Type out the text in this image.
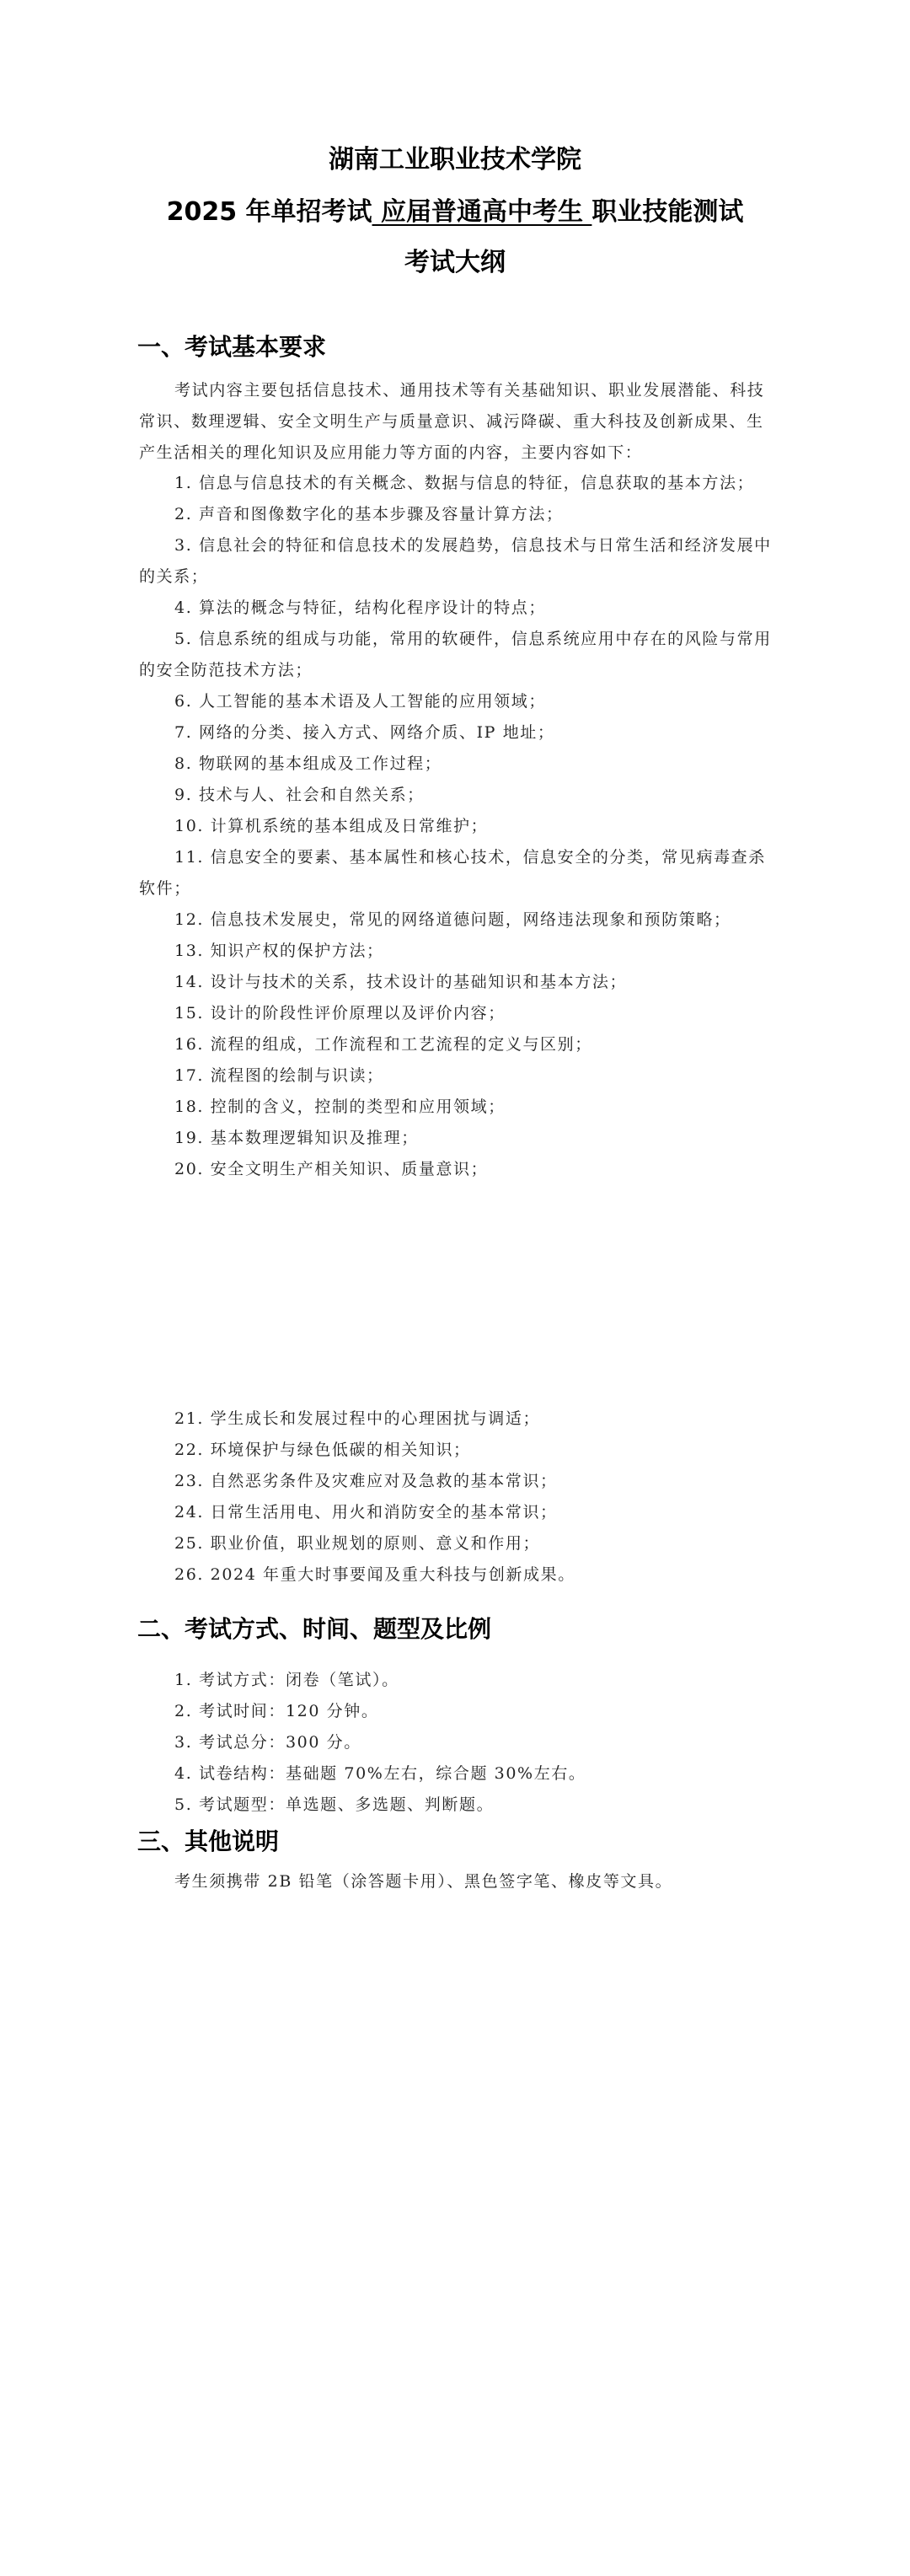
湖南工业职业技术学院
2025 年单招考试 应届普通高中考生 职业技能测试
考试大纲
一、考试基本要求

考试内容主要包括信息技术、通用技术等有关基础知识、职业发展潜能、科技常识、数理逻辑、安全文明生产与质量意识、减污降碳、重大科技及创新成果、生产生活相关的理化知识及应用能力等方面的内容，主要内容如下：

1. 信息与信息技术的有关概念、数据与信息的特征，信息获取的基本方法；

2. 声音和图像数字化的基本步骤及容量计算方法；

3. 信息社会的特征和信息技术的发展趋势，信息技术与日常生活和经济发展中的关系；

4. 算法的概念与特征，结构化程序设计的特点；

5. 信息系统的组成与功能，常用的软硬件，信息系统应用中存在的风险与常用的安全防范技术方法；

6. 人工智能的基本术语及人工智能的应用领域；

7. 网络的分类、接入方式、网络介质、IP 地址；

8. 物联网的基本组成及工作过程；

9. 技术与人、社会和自然关系；

10. 计算机系统的基本组成及日常维护；

11. 信息安全的要素、基本属性和核心技术，信息安全的分类，常见病毒查杀软件；

12. 信息技术发展史，常见的网络道德问题，网络违法现象和预防策略；

13. 知识产权的保护方法；

14. 设计与技术的关系，技术设计的基础知识和基本方法；

15. 设计的阶段性评价原理以及评价内容；

16. 流程的组成，工作流程和工艺流程的定义与区别；

17. 流程图的绘制与识读；

18. 控制的含义，控制的类型和应用领域；

19. 基本数理逻辑知识及推理；

20. 安全文明生产相关知识、质量意识；

21. 学生成长和发展过程中的心理困扰与调适；

22. 环境保护与绿色低碳的相关知识；

23. 自然恶劣条件及灾难应对及急救的基本常识；

24. 日常生活用电、用火和消防安全的基本常识；

25. 职业价值，职业规划的原则、意义和作用；

26. 2024 年重大时事要闻及重大科技与创新成果。

二、考试方式、时间、题型及比例

1. 考试方式：闭卷（笔试）。

2. 考试时间：120 分钟。

3. 考试总分：300 分。

4. 试卷结构：基础题 70%左右，综合题 30%左右。

5. 考试题型：单选题、多选题、判断题。

三、其他说明

考生须携带 2B 铅笔（涂答题卡用）、黑色签字笔、橡皮等文具。
